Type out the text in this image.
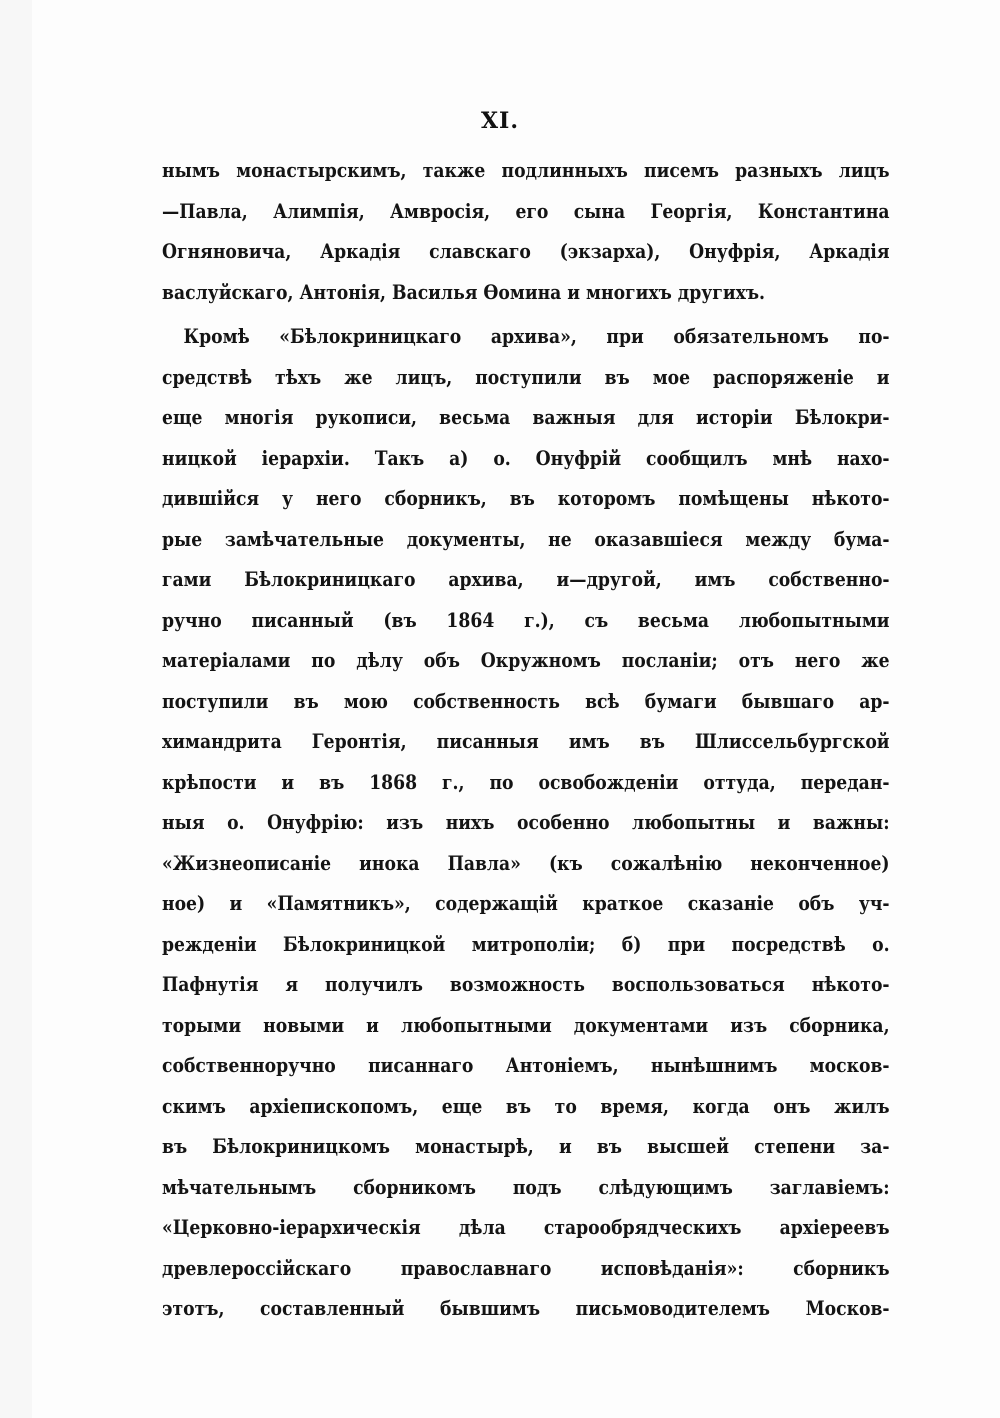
XI.
нымъ монастырскимъ, также подлинныхъ писемъ разныхъ лицъ
—Павла, Алимпія, Амвросія, его сына Георгія, Константина
Огняновича, Аркадія славскаго (экзарха), Онуфрія, Аркадія
васлуйскаго, Антонія, Василья Ѳомина и многихъ другихъ.
Кромѣ «Бѣлокриницкаго архива», при обязательномъ по-
средствѣ тѣхъ же лицъ, поступили въ мое распоряженіе и
еще многія рукописи, весьма важныя для исторіи Бѣлокри-
ницкой іерархіи. Такъ а) о. Онуфрій сообщилъ мнѣ нахо-
дившійся у него сборникъ, въ которомъ помѣщены нѣкото-
рые замѣчательные документы, не оказавшіеся между бума-
гами Бѣлокриницкаго архива, и—другой, имъ собственно-
ручно писанный (въ 1864 г.), съ весьма любопытными
матеріалами по дѣлу объ Окружномъ посланіи; отъ него же
поступили въ мою собственность всѣ бумаги бывшаго ар-
химандрита Геронтія, писанныя имъ въ Шлиссельбургской
крѣпости и въ 1868 г., по освобожденіи оттуда, передан-
ныя о. Онуфрію: изъ нихъ особенно любопытны и важны:
«Жизнеописаніе инока Павла» (къ сожалѣнію неконченное)
ное) и «Памятникъ», содержащій краткое сказаніе объ уч-
режденіи Бѣлокриницкой митрополіи; б) при посредствѣ о.
Пафнутія я получилъ возможность воспользоваться нѣкото-
торыми новыми и любопытными документами изъ сборника,
собственноручно писаннаго Антоніемъ, нынѣшнимъ москов-
скимъ архіепископомъ, еще въ то время, когда онъ жилъ
въ Бѣлокриницкомъ монастырѣ, и въ высшей степени за-
мѣчательнымъ сборникомъ подъ слѣдующимъ заглавіемъ:
«Церковно-іерархическія дѣла старообрядческихъ архіереевъ
древлероссійскаго православнаго исповѣданія»: сборникъ
этотъ, составленный бывшимъ письмоводителемъ Москов-
